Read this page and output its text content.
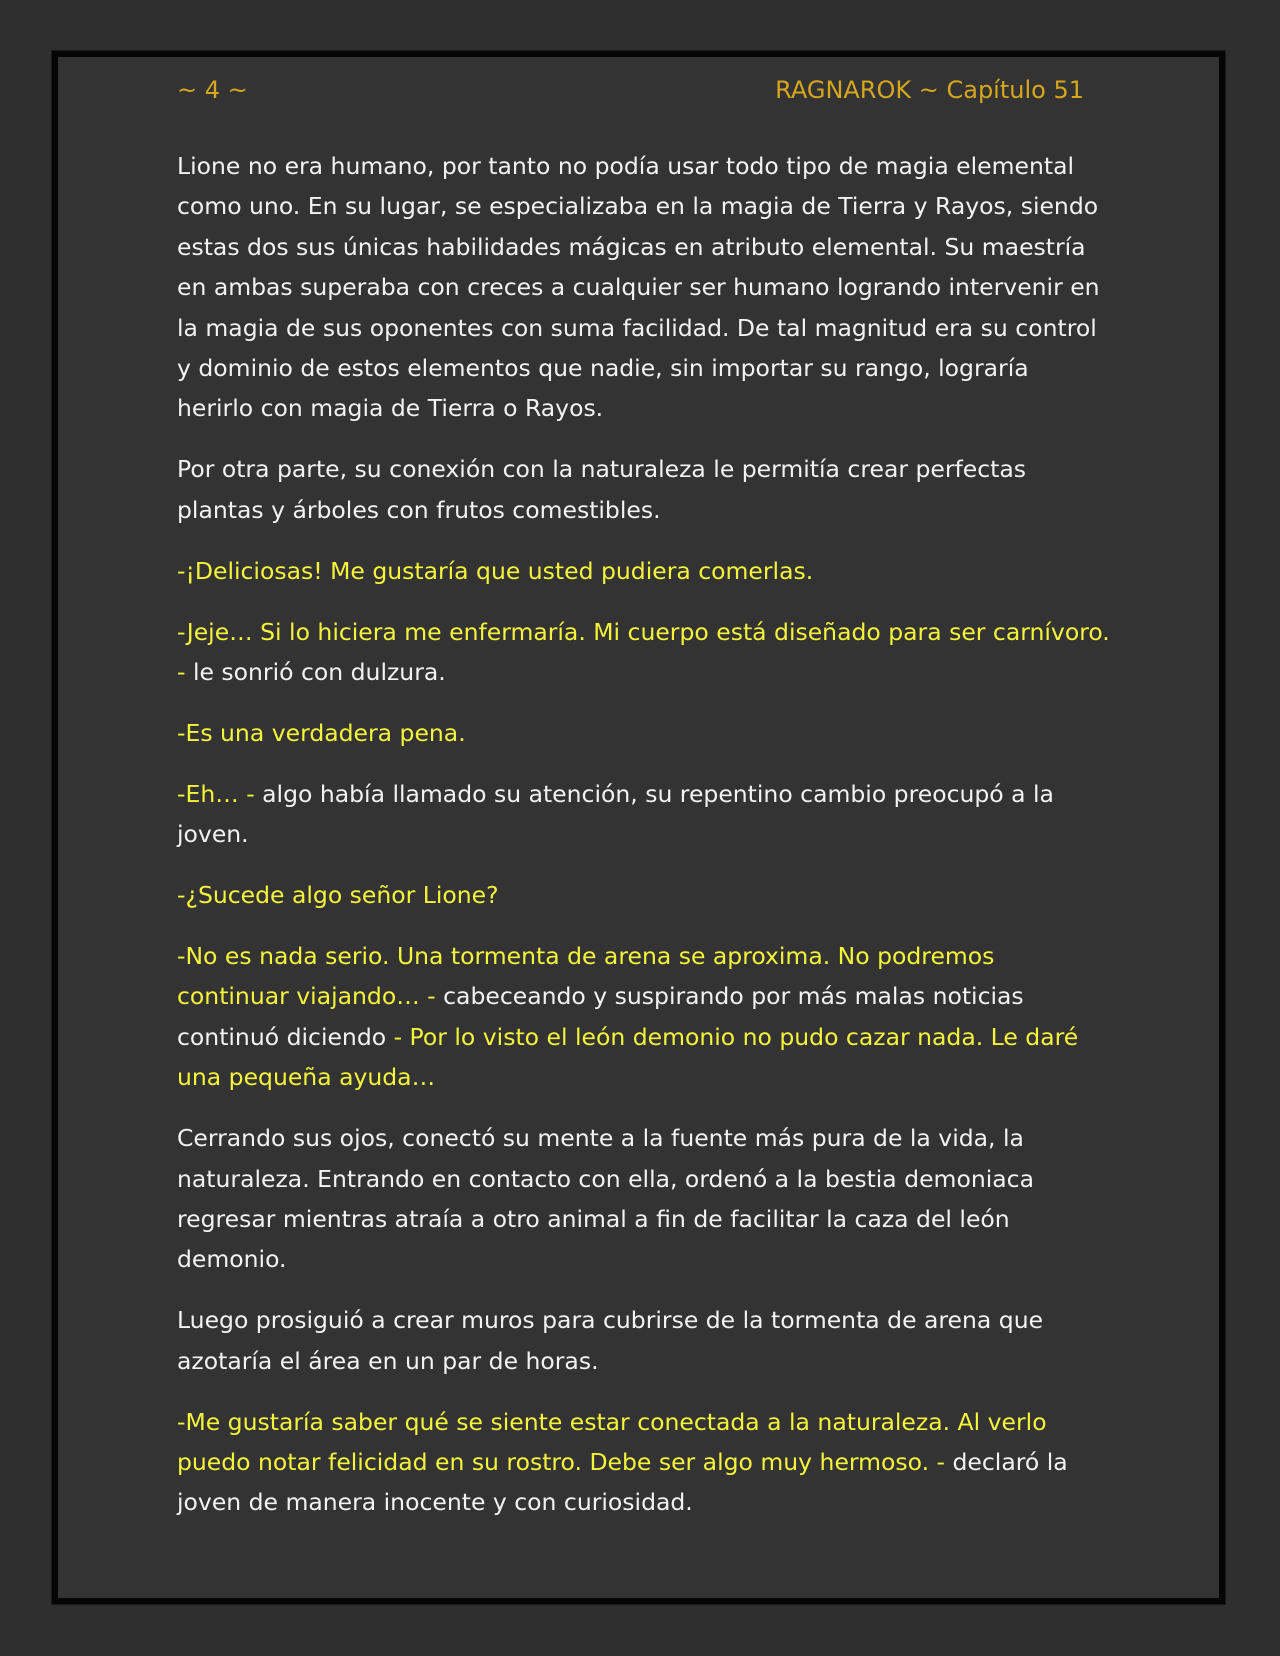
~ 4 ~	RAGNAROK ~ Capítulo 51

Lione no era humano, por tanto no podía usar todo tipo de magia elemental como uno. En su lugar, se especializaba en la magia de Tierra y Rayos, siendo estas dos sus únicas habilidades mágicas en atributo elemental. Su maestría en ambas superaba con creces a cualquier ser humano logrando intervenir en la magia de sus oponentes con suma facilidad. De tal magnitud era su control y dominio de estos elementos que nadie, sin importar su rango, lograría herirlo con magia de Tierra o Rayos.

Por otra parte, su conexión con la naturaleza le permitía crear perfectas plantas y árboles con frutos comestibles.

-¡Deliciosas! Me gustaría que usted pudiera comerlas.

-Jeje… Si lo hiciera me enfermaría. Mi cuerpo está diseñado para ser carnívoro. - le sonrió con dulzura.

-Es una verdadera pena.

-Eh… - algo había llamado su atención, su repentino cambio preocupó a la joven.

-¿Sucede algo señor Lione?

-No es nada serio. Una tormenta de arena se aproxima. No podremos continuar viajando… - cabeceando y suspirando por más malas noticias continuó diciendo - Por lo visto el león demonio no pudo cazar nada. Le daré una pequeña ayuda…

Cerrando sus ojos, conectó su mente a la fuente más pura de la vida, la naturaleza. Entrando en contacto con ella, ordenó a la bestia demoniaca regresar mientras atraía a otro animal a fin de facilitar la caza del león demonio.

Luego prosiguió a crear muros para cubrirse de la tormenta de arena que azotaría el área en un par de horas.

-Me gustaría saber qué se siente estar conectada a la naturaleza. Al verlo puedo notar felicidad en su rostro. Debe ser algo muy hermoso. - declaró la joven de manera inocente y con curiosidad.
